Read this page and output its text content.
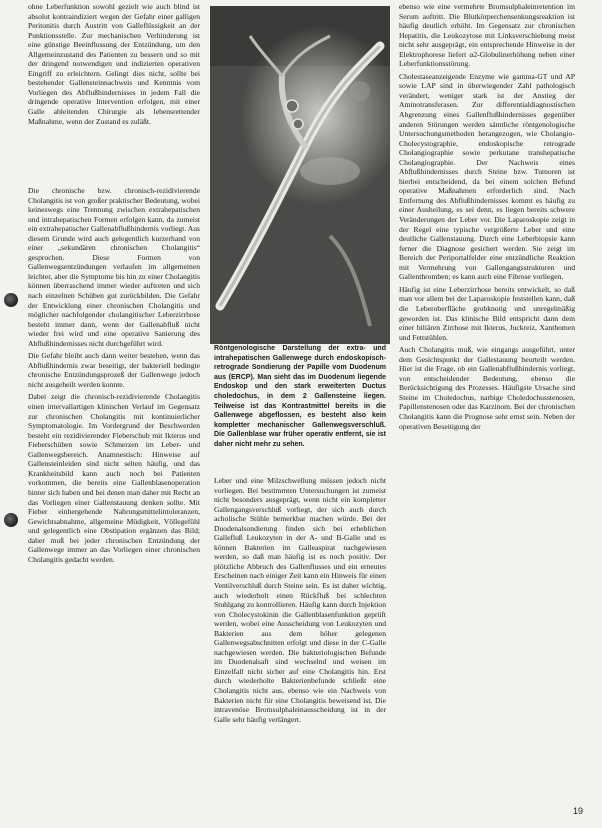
ohne Leberfunktion sowohl gezielt wie auch blind ist absolut kontraindiziert wegen der Gefahr einer galligen Peritonitis durch Austritt von Galleflüssigkeit an der Punktionsstelle. Zur mechanischen Verhinderung ist eine günstige Beeinflussung der Entzündung, um den Allgemeinzustand des Patienten zu bessern und so mit der dringend notwendigen und indizierten operativen Eingriff zu erleichtern. Gelingt dies nicht, sollte bei bestehender Gallensteinnachweis und Kenntnis vom Vorliegen des Abflußhindernisses in jedem Fall die dringende operative Intervention erfolgen, mit einer Galle ableitenden Chirurgie als lebensrettender Maßnahme, wenn der Zustand es zuläßt.

Die chronische bzw. chronisch-rezidivierende Cholangitis ist von großer praktischer Bedeutung, wobei keineswegs eine Trennung zwischen extrahepatischen und intrahepatischen Formen erfolgen kann, da zumeist ein extrahepatischer Gallenabflußhindernis vorliegt. Aus diesem Grunde wird auch gelegentlich kurzerhand von einer „sekundären chronischen Cholangitis“ gesprochen. Diese Formen von Gallenwegsentzündungen verlaufen im allgemeinen leichter, aber die Symptome bis hin zu einer Cholangitis können überraschend immer wieder auftreten und sich nach einzelnen Schüben gut zurückbilden. Die Gefahr der Entwicklung einer chronischen Cholangitis und möglicher nachfolgender cholangitischer Leberzirrhose besteht immer dann, wenn der Gallenabfluß nicht wieder frei wird und eine operative Sanierung des Abflußhindernisses nicht durchgeführt wird.

Die Gefahr bleibt auch dann weiter bestehen, wenn das Abflußhindernis zwar beseitigt, der bakteriell bedingte chronische Entzündungsprozeß der Gallenwege jedoch nicht ausgeheilt werden konnte.

Dabei zeigt die chronisch-rezidivierende Cholangitis einen intervallartigen klinischen Verlauf im Gegensatz zur chronischen Cholangitis mit kontinuierlicher Symptomatologie. Im Vordergrund der Beschwerden besteht ein rezidivierender Fieberschub mit Ikterus und Fieberschüben sowie Schmerzen im Leber- und Gallenwegsbereich. Anamnestisch: Hinweise auf Gallensteinleiden sind nicht selten häufig, und das Krankheitsbild kann auch noch bei Patienten vorkommen, die bereits eine Gallenblasenoperation hinter sich haben und bei denen man daher mit Recht an das Vorliegen einer Gallenstauung denken sollte. Mit Fieber einhergehende Nahrungsmittelintoleranzen, Gewichtsabnahme, allgemeine Müdigkeit, Völlegefühl und gelegentlich eine Obstipation ergänzen das Bild; daher muß bei jeder chronischen Entzündung der Gallenwege immer an das Vorliegen einer chronischen Cholangitis gedacht werden.

Röntgenologische Darstellung der extra- und intrahepatischen Gallenwege durch endoskopisch-retrograde Sondierung der Papille vom Duodenum aus (ERCP). Man sieht das im Duodenum liegende Endoskop und den stark erweiterten Ductus choledochus, in dem 2 Gallensteine liegen. Teilweise ist das Kontrastmittel bereits in die Gallenwege abgeflossen, es besteht also kein kompletter mechanischer Gallenwegsverschluß. Die Gallenblase war früher operativ entfernt, sie ist daher nicht mehr zu sehen.

Leber und eine Milzschwellung müssen jedoch nicht vorliegen. Bei bestimmten Untersuchungen ist zumeist nicht besonders ausgeprägt, wenn nicht ein kompletter Gallengangsverschluß vorliegt, der sich auch durch acholische Stühle bemerkbar machen würde. Bei der Duodenalsondierung finden sich bei erheblichen Gallefluß Leukozyten in der A- und B-Galle und es können Bakterien im Galleaspirat nachgewiesen werden, so daß man häufig ist es noch positiv. Der plötzliche Abbruch des Gallenflusses und ein erneutes Erscheinen nach einiger Zeit kann ein Hinweis für einen Ventilverschluß durch Steine sein. Es ist daher wichtig, auch wiederholt einen Rückfluß bei schlechten Stuhlgang zu kontrollieren. Häufig kann durch Injektion von Cholecystokinin die Gallenblasenfunktion geprüft werden, wobei eine Ausscheidung von Leukozyten und Bakterien aus dem höher gelegenen Gallenwegsabschnitten erfolgt und diese in der C-Galle nachgewiesen werden. Die bakteriologischen Befunde im Duodenalsaft sind wechselnd und weisen im Einzelfall nicht sicher auf eine Cholangitis hin. Erst durch wiederholte Bakterienbefunde schließt eine Cholangitis nicht aus, ebenso wie ein Nachweis von Bakterien nicht für eine Cholangitis beweisend ist. Die intravenöse Bromsulphaleinausscheidung ist in der Galle sehr häufig verlängert.

ebenso wie eine vermehrte Bromsulphaleinretention im Serum auftritt. Die Blutkörperchensenkungsreaktion ist häufig deutlich erhöht. Im Gegensatz zur chronischen Hepatitis, die Leukozytose mit Linksverschiebung meist nicht sehr ausgeprägt, ein entsprechende Hinweise in der Elektrophorese liefert α2-Globulinerhöhung neben einer Leberfunktionsstörung.

Cholestaseanzeigende Enzyme wie gamma-GT und AP sowie LAP sind in überwiegender Zahl pathologisch verändert, weniger stark ist der Anstieg der Aminotransferasen. Zur differentialdiagnostischen Abgrenzung eines Gallenflußhindernisses gegenüber anderen Störungen werden sämtliche röntgenologische Untersuchungsmethoden herangezogen, wie Cholangio-Cholecystographie, endoskopische retrograde Cholangiographie sowie perkutane transhepatische Cholangiographie. Der Nachweis eines Abflußhindernisses durch Steine bzw. Tumoren ist hierbei entscheidend, da bei einem solchen Befund operative Maßnahmen erforderlich sind. Nach Entfernung des Abflußhindernisses kommt es häufig zu einer Ausheilung, es sei denn, es liegen bereits schwere Veränderungen der Leber vor. Die Laparoskopie zeigt in der Regel eine typische vergrößerte Leber und eine deutliche Gallenstauung. Durch eine Leberbiopsie kann ferner die Diagnose gesichert werden. Sie zeigt im Bereich der Periportalfelder eine entzündliche Reaktion mit Vermehrung von Gallengangsstrukturen und Gallenthromben; es kann auch eine Fibrose vorliegen.

Häufig ist eine Leberzirrhose bereits entwickelt, so daß man vor allem bei der Laparoskopie feststellen kann, daß die Leberoberfläche grobknotig und unregelmäßig geworden ist. Das klinische Bild entspricht dann dem einer biliären Zirrhose mit Ikterus, Juckreiz, Xanthomen und Fettstühlen.

Auch Cholangitis muß, wie eingangs ausgeführt, unter dem Gesichtspunkt der Gallestauung beurteilt werden. Hier ist die Frage, ob ein Gallenabflußhindernis vorliegt, von entscheidender Bedeutung, ebenso die Berücksichtigung des Prozesses. Häufigste Ursache sind Steine im Choledochus, narbige Choledochusstenosen, Papillenstenosen oder das Karzinom. Bei der chronischen Cholangitis kann die Prognose sehr ernst sein. Neben der operativen Beseitigung der

19
